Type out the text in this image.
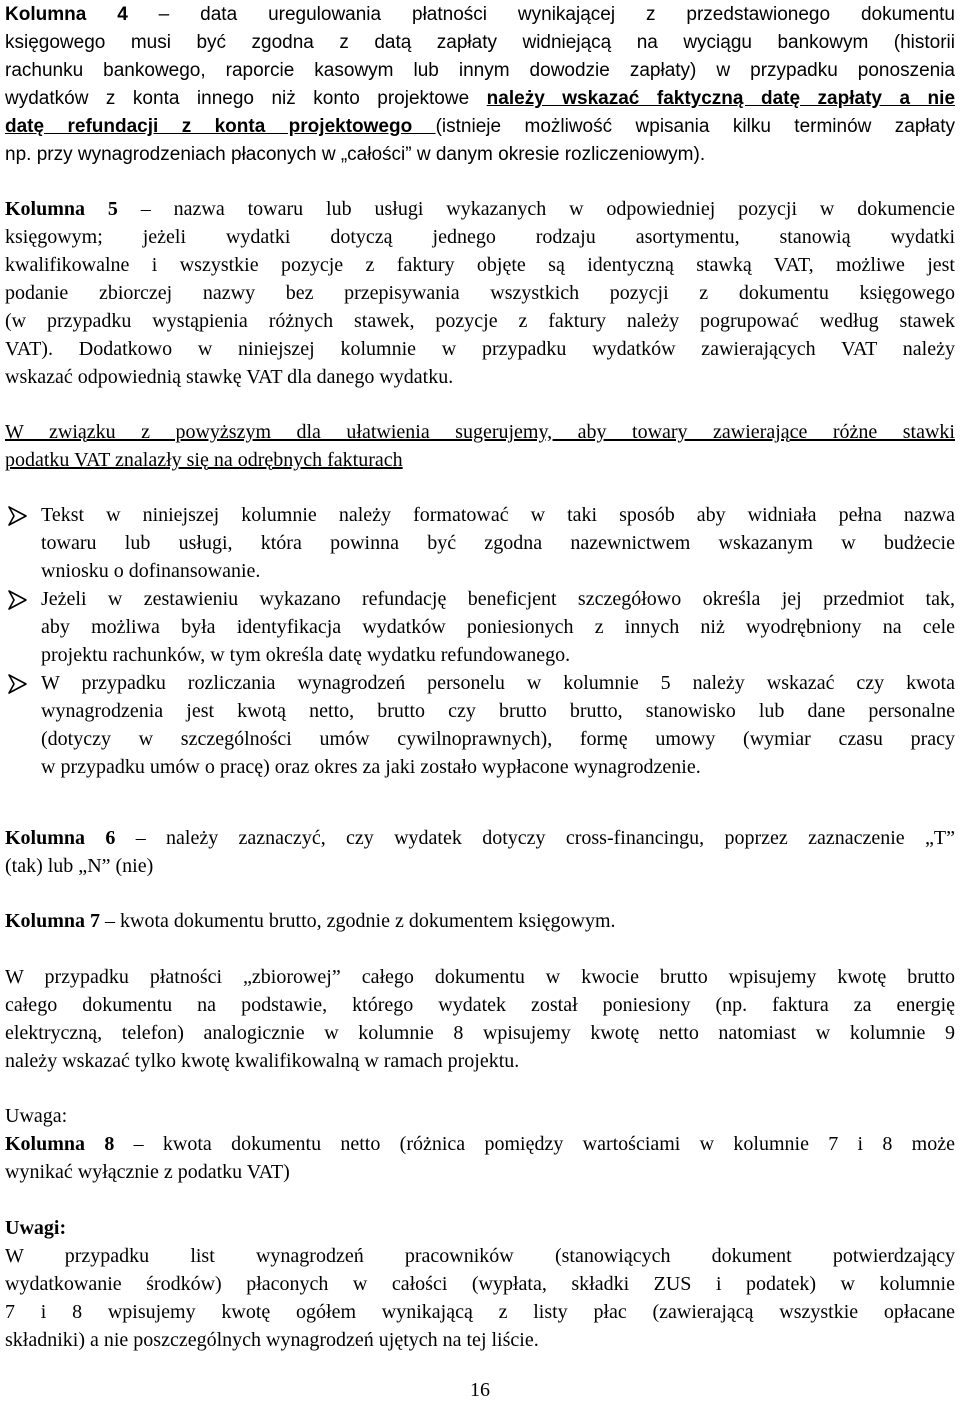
Kolumna 4 – data uregulowania płatności wynikającej z przedstawionego dokumentu
księgowego musi być zgodna z datą zapłaty widniejącą na wyciągu bankowym (historii
rachunku bankowego, raporcie kasowym lub innym dowodzie zapłaty) w przypadku ponoszenia
wydatków z konta innego niż konto projektowe należy wskazać faktyczną datę zapłaty a nie
datę refundacji z konta projektowego (istnieje możliwość wpisania kilku terminów zapłaty
np. przy wynagrodzeniach płaconych w „całości” w danym okresie rozliczeniowym).
Kolumna 5 – nazwa towaru lub usługi wykazanych w odpowiedniej pozycji w dokumencie
księgowym; jeżeli wydatki dotyczą jednego rodzaju asortymentu, stanowią wydatki
kwalifikowalne i wszystkie pozycje z faktury objęte są identyczną stawką VAT, możliwe jest
podanie zbiorczej nazwy bez przepisywania wszystkich pozycji z dokumentu księgowego
(w przypadku wystąpienia różnych stawek, pozycje z faktury należy pogrupować według stawek
VAT). Dodatkowo w niniejszej kolumnie w przypadku wydatków zawierających VAT należy
wskazać odpowiednią stawkę VAT dla danego wydatku.
W związku z powyższym dla ułatwienia sugerujemy, aby towary zawierające różne stawki
podatku VAT znalazły się na odrębnych fakturach
Tekst w niniejszej kolumnie należy formatować w taki sposób aby widniała pełna nazwa
towaru lub usługi, która powinna być zgodna nazewnictwem wskazanym w budżecie
wniosku o dofinansowanie.
Jeżeli w zestawieniu wykazano refundację beneficjent szczegółowo określa jej przedmiot tak,
aby możliwa była identyfikacja wydatków poniesionych z innych niż wyodrębniony na cele
projektu rachunków, w tym określa datę wydatku refundowanego.
W przypadku rozliczania wynagrodzeń personelu w kolumnie 5 należy wskazać czy kwota
wynagrodzenia jest kwotą netto, brutto czy brutto brutto, stanowisko lub dane personalne
(dotyczy w szczególności umów cywilnoprawnych), formę umowy (wymiar czasu pracy
w przypadku umów o pracę) oraz okres za jaki zostało wypłacone wynagrodzenie.
Kolumna 6 – należy zaznaczyć, czy wydatek dotyczy cross-financingu, poprzez zaznaczenie „T”
(tak) lub „N” (nie)
Kolumna 7 – kwota dokumentu brutto, zgodnie z dokumentem księgowym.
W przypadku płatności „zbiorowej” całego dokumentu w kwocie brutto wpisujemy kwotę brutto
całego dokumentu na podstawie, którego wydatek został poniesiony (np. faktura za energię
elektryczną, telefon) analogicznie w kolumnie 8 wpisujemy kwotę netto natomiast w kolumnie 9
należy wskazać tylko kwotę kwalifikowalną w ramach projektu.
Uwaga:
Kolumna 8 – kwota dokumentu netto (różnica pomiędzy wartościami w kolumnie 7 i 8 może
wynikać wyłącznie z podatku VAT)
Uwagi:
W przypadku list wynagrodzeń pracowników (stanowiących dokument potwierdzający
wydatkowanie środków) płaconych w całości (wypłata, składki ZUS i podatek) w kolumnie
7 i 8 wpisujemy kwotę ogółem wynikającą z listy płac (zawierającą wszystkie opłacane
składniki) a nie poszczególnych wynagrodzeń ujętych na tej liście.
16
